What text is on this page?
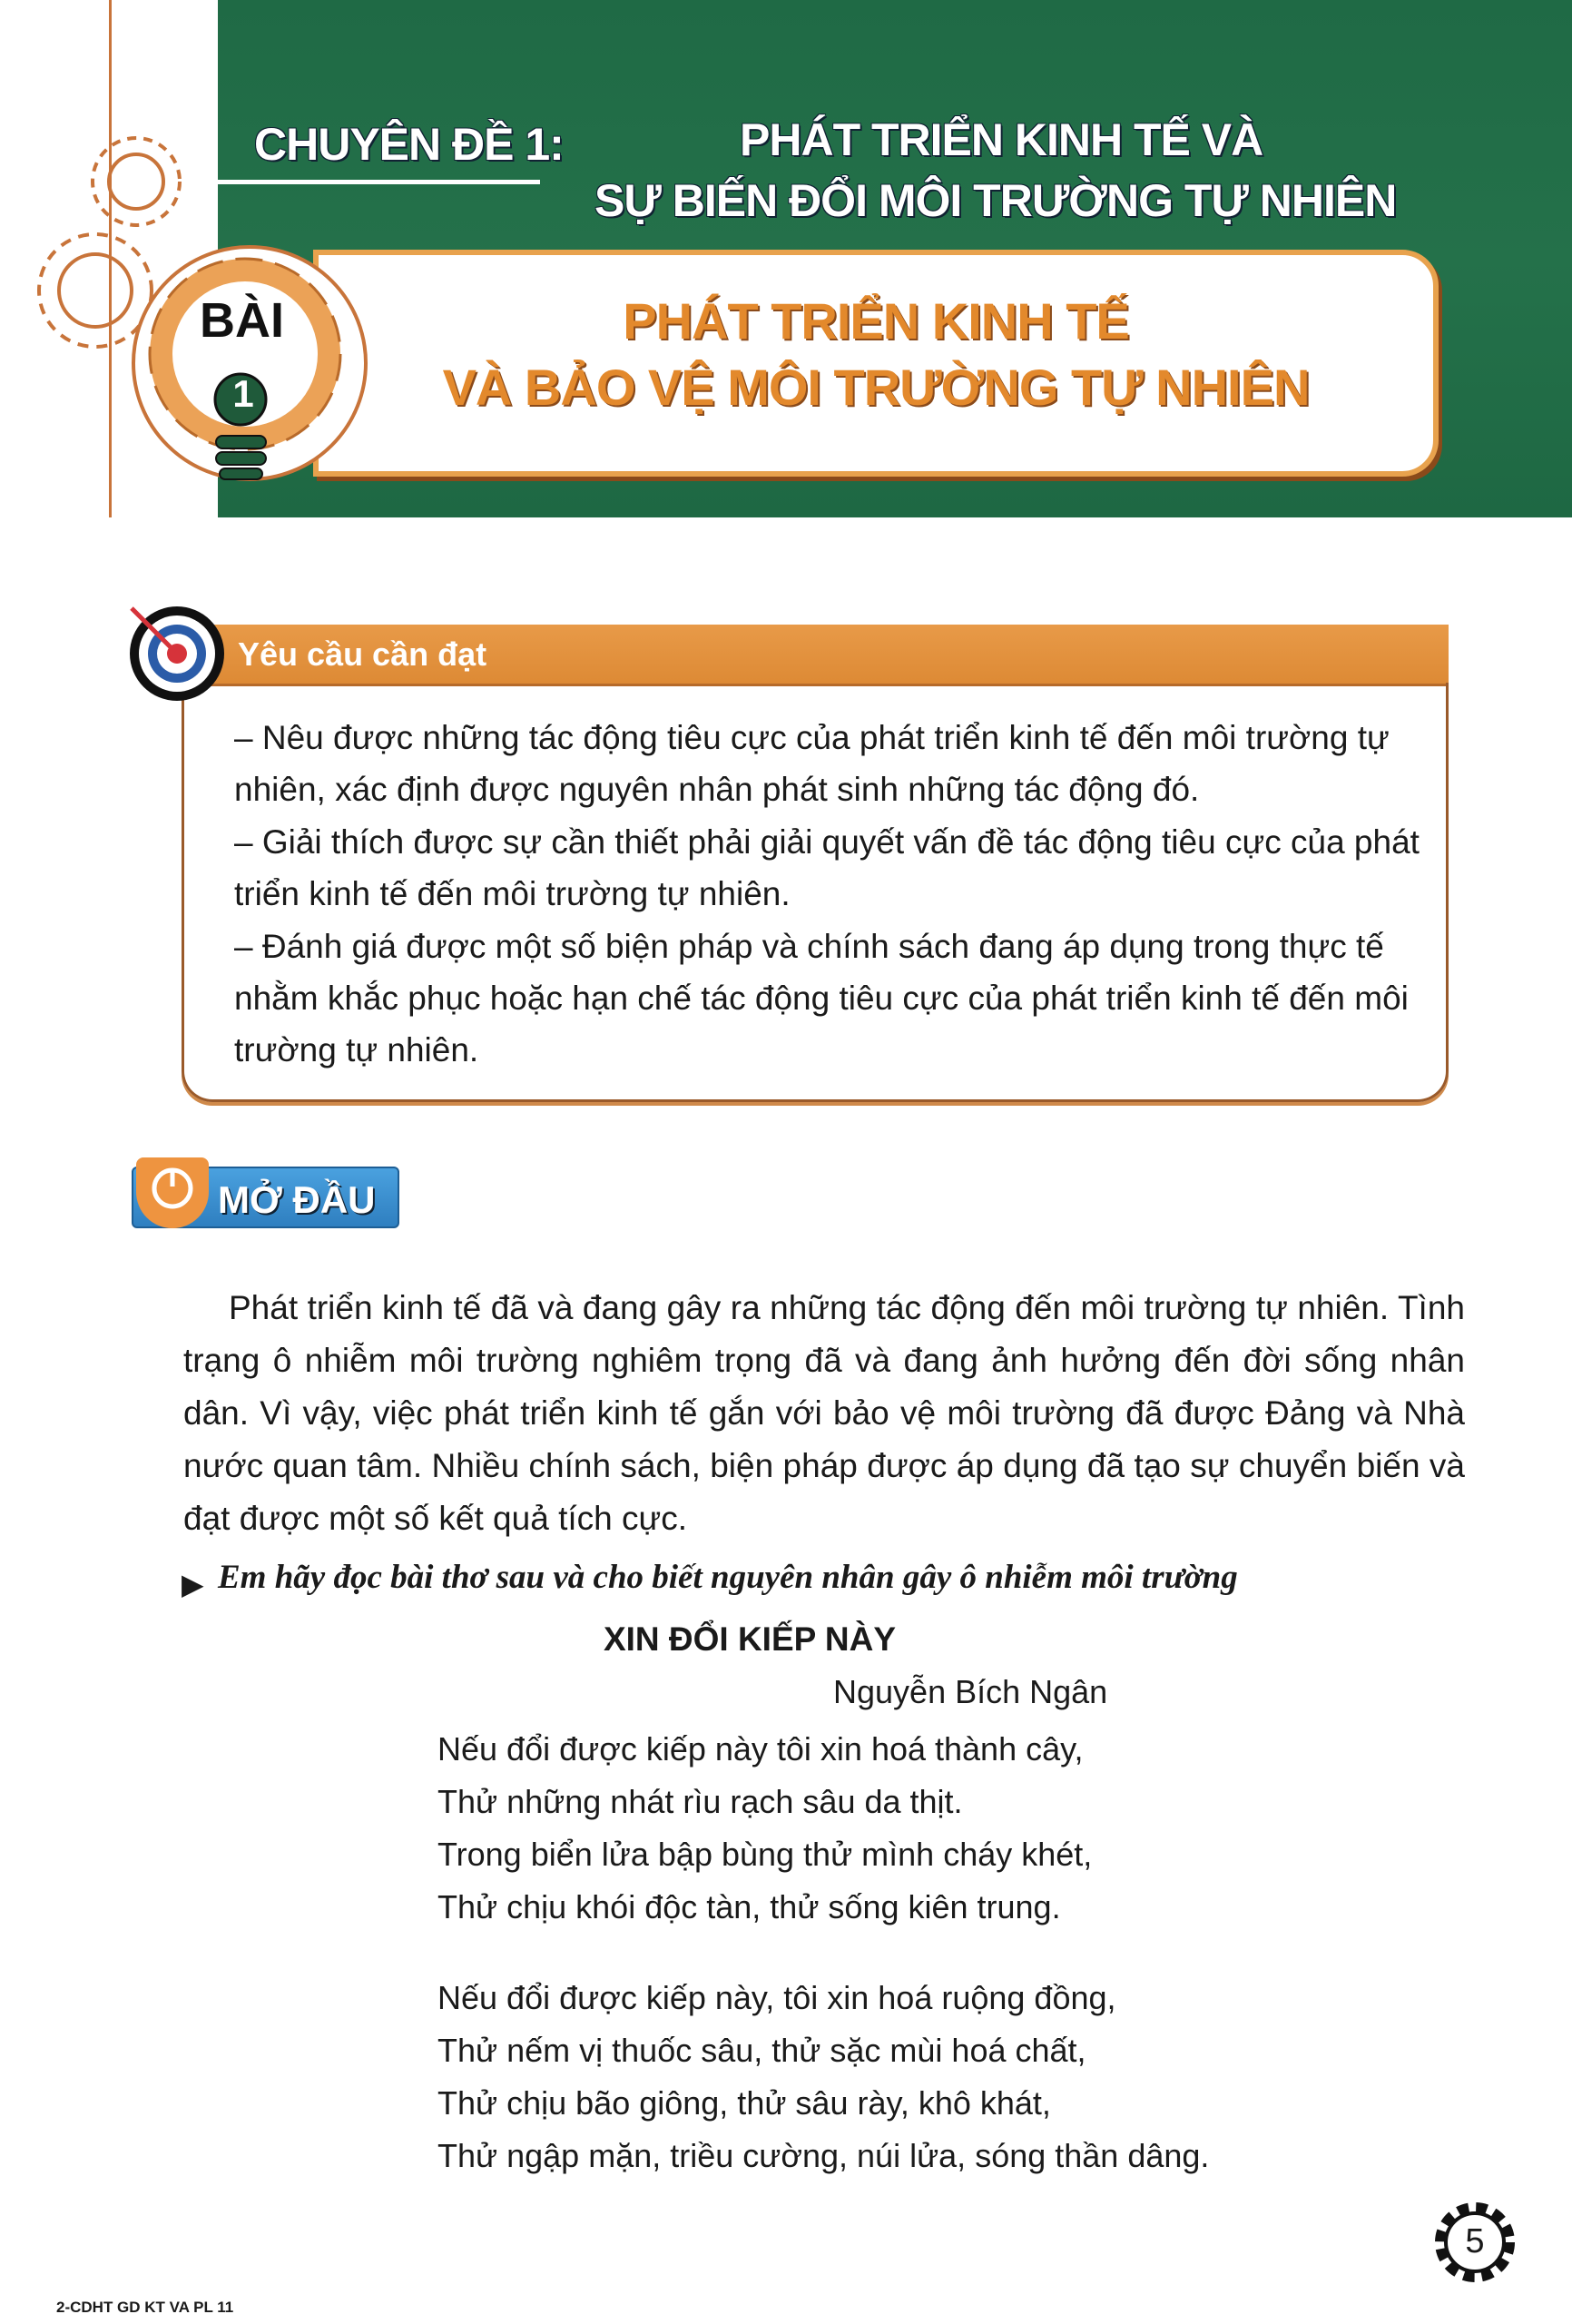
CHUYÊN ĐỀ 1:	PHÁT TRIỂN KINH TẾ VÀ
SỰ BIẾN ĐỔI MÔI TRƯỜNG TỰ NHIÊN
PHÁT TRIỂN KINH TẾ
VÀ BẢO VỆ MÔI TRƯỜNG TỰ NHIÊN
BÀI
1
Yêu cầu cần đạt
– Nêu được những tác động tiêu cực của phát triển kinh tế đến môi trường tự nhiên, xác định được nguyên nhân phát sinh những tác động đó.
– Giải thích được sự cần thiết phải giải quyết vấn đề tác động tiêu cực của phát triển kinh tế đến môi trường tự nhiên.
– Đánh giá được một số biện pháp và chính sách đang áp dụng trong thực tế nhằm khắc phục hoặc hạn chế tác động tiêu cực của phát triển kinh tế đến môi trường tự nhiên.
MỞ ĐẦU
Phát triển kinh tế đã và đang gây ra những tác động đến môi trường tự nhiên. Tình trạng ô nhiễm môi trường nghiêm trọng đã và đang ảnh hưởng đến đời sống nhân dân. Vì vậy, việc phát triển kinh tế gắn với bảo vệ môi trường đã được Đảng và Nhà nước quan tâm. Nhiều chính sách, biện pháp được áp dụng đã tạo sự chuyển biến và đạt được một số kết quả tích cực.
▶ Em hãy đọc bài thơ sau và cho biết nguyên nhân gây ô nhiễm môi trường
XIN ĐỔI KIẾP NÀY
Nguyễn Bích Ngân
Nếu đổi được kiếp này tôi xin hoá thành cây,
Thử những nhát rìu rạch sâu da thịt.
Trong biển lửa bập bùng thử mình cháy khét,
Thử chịu khói độc tàn, thử sống kiên trung.
Nếu đổi được kiếp này, tôi xin hoá ruộng đồng,
Thử nếm vị thuốc sâu, thử sặc mùi hoá chất,
Thử chịu bão giông, thử sâu rày, khô khát,
Thử ngập mặn, triều cường, núi lửa, sóng thần dâng.
5
2-CDHT GD KT VA PL 11
